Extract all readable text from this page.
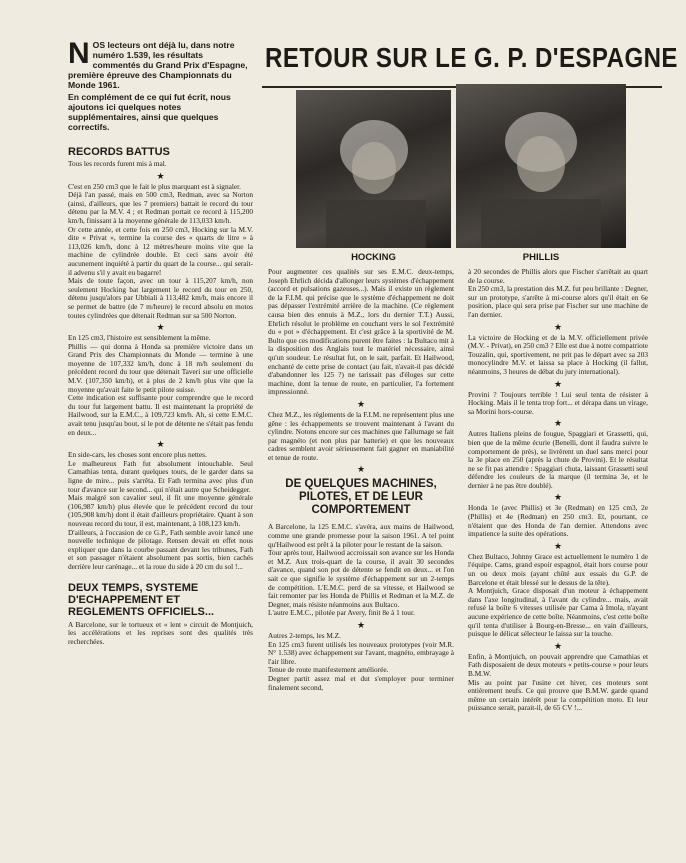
RETOUR SUR LE G. P. D'ESPAGNE
NOS lecteurs ont déjà lu, dans notre numéro 1.539, les résultats commentés du Grand Prix d'Espagne, première épreuve des Championnats du Monde 1961.
En complément de ce qui fut écrit, nous ajoutons ici quelques notes supplémentaires, ainsi que quelques correctifs.
RECORDS BATTUS

Tous les records furent mis à mal.

★

C'est en 250 cm3 que le fait le plus marquant est à signaler.

Déjà l'an passé, mais en 500 cm3, Redman, avec sa Norton (ainsi, d'ailleurs, que les 7 premiers) battait le record du tour détenu par la M.V. 4 ; et Redman portait ce record à 115,200 km/h, finissant à la moyenne générale de 113,033 km/h.

Or cette année, et cette fois en 250 cm3, Hocking sur la M.V. dite « Privat », termine la course des « quarts de litre » à 113,026 km/h, donc à 12 mètres/heure moins vite que la machine de cylindrée double. Et ceci sans avoir été aucunement inquiété à partir du quart de la course... qui serait-il advenu s'il y avait eu bagarre!

Mais de toute façon, avec un tour à 115,207 km/h, non seulement Hocking bat largement le record du tour en 250, détenu jusqu'alors par Ubbiali à 113,482 km/h, mais encore il se permet de battre (de 7 m/heure) le record absolu en motos toutes cylindrées que détenait Redman sur sa 500 Norton.

★

En 125 cm3, l'histoire est sensiblement la même.

Phillis — qui donna à Honda sa première victoire dans un Grand Prix des Championnats du Monde — termine à une moyenne de 107,332 km/h, donc à 18 m/h seulement du précédent record du tour que détenait Taveri sur une officielle M.V. (107,350 km/h), et à plus de 2 km/h plus vite que la moyenne qu'avait faite le petit pilote suisse.

Cette indication est suffisante pour comprendre que le record du tour fut largement battu. Il est maintenant la propriété de Hailwood, sur la E.M.C., à 109,723 km/h. Ah, si cette E.M.C. avait tenu jusqu'au bout, si le pot de détente ne s'était pas fendu en deux...

★

En side-cars, les choses sont encore plus nettes.

Le malheureux Fath fut absolument intouchable. Seul Camathias tenta, durant quelques tours, de le garder dans sa ligne de mire... puis s'arrêta. Et Fath termina avec plus d'un tour d'avance sur le second... qui n'était autre que Scheidegger.

Mais malgré son cavalier seul, il fit une moyenne générale (106,987 km/h) plus élevée que le précédent record du tour (105,908 km/h) dont il était d'ailleurs propriétaire. Quant à son nouveau record du tour, il est, maintenant, à 108,123 km/h.

D'ailleurs, à l'occasion de ce G.P., Fath semble avoir lancé une nouvelle technique de pilotage. Rensen devait en effet nous expliquer que dans la courbe passant devant les tribunes, Fath et son passager n'étaient absolument pas sortis, bien cachés derrière leur carénage... et la roue du side à 20 cm du sol !...

DEUX TEMPS, SYSTEME D'ECHAPPEMENT ET REGLEMENTS OFFICIELS...

A Barcelone, sur le tortueux et « lent » circuit de Montjuich, les accélérations et les reprises sont des qualités très recherchées.

HOCKING	PHILLIS

Pour augmenter ces qualités sur ses E.M.C. deux-temps, Joseph Ehrlich décida d'allonger leurs systèmes d'échappement (accord et pulsations gazeuses...). Mais il existe un règlement de la F.I.M. qui précise que le système d'échappement ne doit pas dépasser l'extrémité arrière de la machine. (Ce règlement causa bien des ennuis à M.Z., lors du dernier T.T.) Aussi, Ehrlich résolut le problème en couchant vers le sol l'extrémité du « pot » d'échappement. Et c'est grâce à la sportivité de M. Bulto que ces modifications purent être faites : la Bultaco mit à la disposition des Anglais tout le matériel nécessaire, ainsi qu'un soudeur. Le résultat fut, on le sait, parfait. Et Hailwood, enchanté de cette prise de contact (au fait, n'avait-il pas décidé d'abandonner les 125 ?) ne tarissait pas d'éloges sur cette machine, dont la tenue de route, en particulier, l'a fortement impressionné.

★

Chez M.Z., les règlements de la F.I.M. ne représentent plus une gêne : les échappements se trouvent maintenant à l'avant du cylindre. Notons encore sur ces machines que l'allumage se fait par magnéto (et non plus par batterie) et que les nouveaux cadres semblent avoir sérieusement fait gagner en maniabilité et tenue de route.

★
DE QUELQUES MACHINES, PILOTES, ET DE LEUR COMPORTEMENT

A Barcelone, la 125 E.M.C. s'avéra, aux mains de Hailwood, comme une grande promesse pour la saison 1961. A tel point qu'Hailwood est prêt à la piloter pour le restant de la saison.

Tour après tour, Hailwood accroissait son avance sur les Honda et M.Z. Aux trois-quart de la course, il avait 30 secondes d'avance, quand son pot de détente se fendit en deux... et l'on sait ce que signifie le système d'échappement sur un 2-temps de compétition. L'E.M.C. perd de sa vitesse, et Hailwood se fait remonter par les Honda de Phillis et Redman et la M.Z. de Degner, mais résiste néanmoins aux Bultaco.

L'autre E.M.C., pilotée par Avery, finit 8e à 1 tour.

★

Autres 2-temps, les M.Z.

En 125 cm3 furent utilisés les nouveaux prototypes (voir M.R. N° 1.538) avec échappement sur l'avant, magnéto, embrayage à l'air libre.

Tenue de route manifestement améliorée.

Degner partit assez mal et dut s'employer pour terminer finalement second,

à 20 secondes de Phillis alors que Fischer s'arrêtait au quart de la course.

En 250 cm3, la prestation des M.Z. fut peu brillante : Degner, sur un prototype, s'arrête à mi-course alors qu'il était en 6e position, place qui sera prise par Fischer sur une machine de l'an dernier.

★

La victoire de Hocking et de la M.V. officiellement privée (M.V. - Privat), en 250 cm3 ? Elle est due à notre compatriote Touzalin, qui, sportivement, ne prit pas le départ avec sa 203 monocylindre M.V. et laissa sa place à Hocking (il fallut, néanmoins, 3 heures de débat du jury international).

★

Provini ? Toujours terrible ! Lui seul tenta de résister à Hocking. Mais il le tenta trop fort... et dérapa dans un virage, sa Morini hors-course.

★

Autres Italiens pleins de fougue, Spaggiari et Grassetti, qui, bien que de la même écurie (Benelli, dont il faudra suivre le comportement de près), se livrèrent un duel sans merci pour la 3e place en 250 (après la chute de Provini). Et le résultat ne se fit pas attendre : Spaggiari chuta, laissant Grassetti seul défendre les couleurs de la marque (il termina 3e, et le dernier à ne pas être doublé).

★

Honda 1e (avec Phillis) et 3e (Redman) en 125 cm3, 2e (Phillis) et 4e (Redman) en 250 cm3. Et, pourtant, ce n'étaient que des Honda de l'an dernier. Attendons avec impatience la suite des opérations.

★

Chez Bultaco, Johnny Grace est actuellement le numéro 1 de l'équipe. Cams, grand espoir espagnol, était hors course pour un ou deux mois (ayant chûté aux essais du G.P. de Barcelone et était blessé sur le dessus de la tête).

A Montjuich, Grace disposait d'un moteur à échappement dans l'axe longitudinal, à l'avant du cylindre... mais, avait refusé la boîte 6 vitesses utilisée par Cama à Imola, n'ayant aucune expérience de cette boîte. Néanmoins, c'est cette boîte qu'il tenta d'utiliser à Bourg-en-Bresse... en vain d'ailleurs, puisque le délicat sélecteur le laissa sur la touche.

★

Enfin, à Montjuich, on pouvait apprendre que Camathias et Fath disposaient de deux moteurs « petits-course » pour leurs B.M.W.

Mis au point par l'usine cet hiver, ces moteurs sont entièrement neufs. Ce qui prouve que B.M.W. garde quand même un certain intérêt pour la compétition moto. Et leur puissance serait, parait-il, de 65 CV !...
